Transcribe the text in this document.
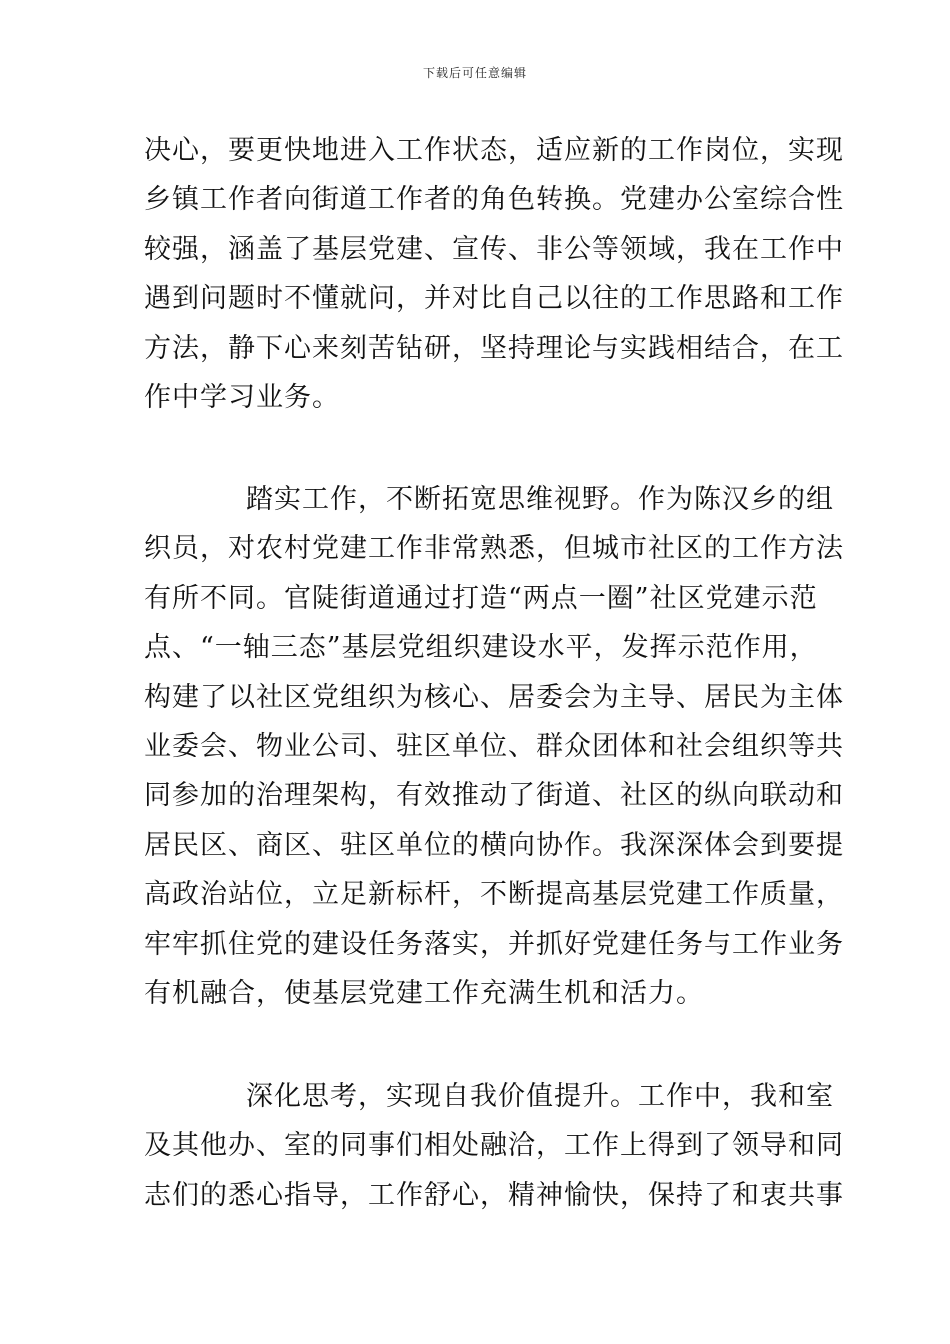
下载后可任意编辑
决心，要更快地进入工作状态，适应新的工作岗位，实现
乡镇工作者向街道工作者的角色转换。党建办公室综合性
较强，涵盖了基层党建、宣传、非公等领域，我在工作中
遇到问题时不懂就问，并对比自己以往的工作思路和工作
方法，静下心来刻苦钻研，坚持理论与实践相结合，在工
作中学习业务。
踏实工作，不断拓宽思维视野。作为陈汉乡的组
织员，对农村党建工作非常熟悉，但城市社区的工作方法
有所不同。官陡街道通过打造“两点一圈”社区党建示范
点、“一轴三态”基层党组织建设水平，发挥示范作用，
构建了以社区党组织为核心、居委会为主导、居民为主体
业委会、物业公司、驻区单位、群众团体和社会组织等共
同参加的治理架构，有效推动了街道、社区的纵向联动和
居民区、商区、驻区单位的横向协作。我深深体会到要提
高政治站位，立足新标杆，不断提高基层党建工作质量，
牢牢抓住党的建设任务落实，并抓好党建任务与工作业务
有机融合，使基层党建工作充满生机和活力。
深化思考，实现自我价值提升。工作中，我和室
及其他办、室的同事们相处融洽，工作上得到了领导和同
志们的悉心指导，工作舒心，精神愉快，保持了和衷共事
